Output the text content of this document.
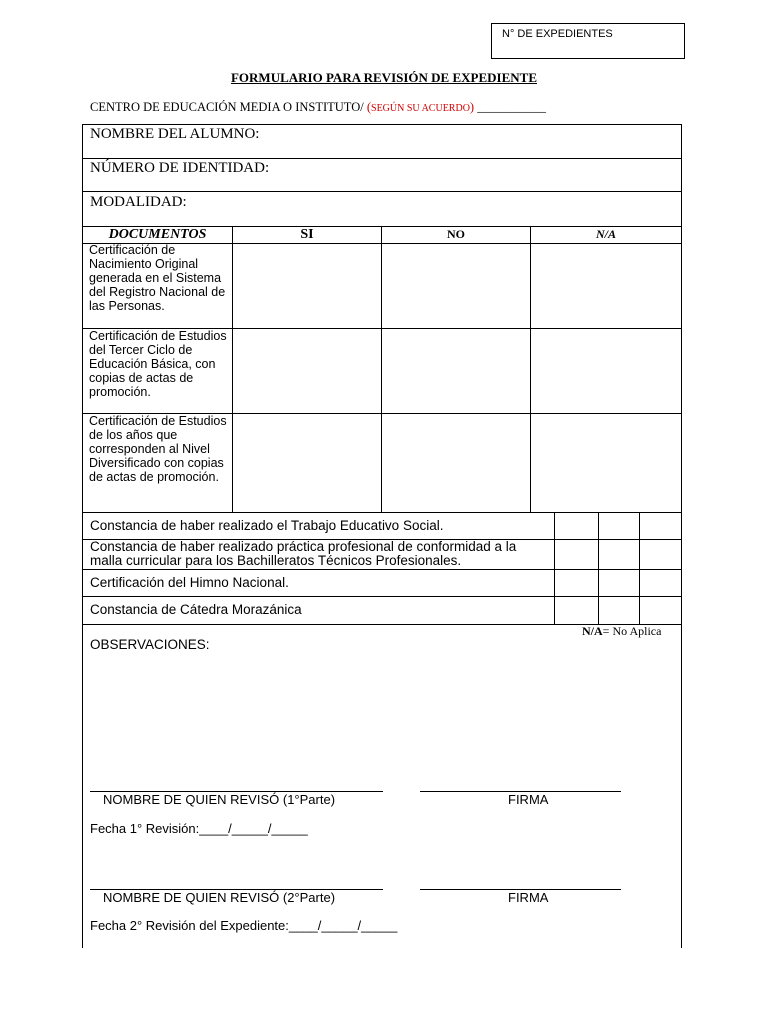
N° DE EXPEDIENTES
FORMULARIO PARA REVISIÓN DE EXPEDIENTE
CENTRO DE EDUCACIÓN MEDIA O INSTITUTO/ (SEGÚN SU ACUERDO) ___________
NOMBRE DEL ALUMNO:
NÚMERO DE IDENTIDAD:
MODALIDAD:
DOCUMENTOS	SI	NO	N/A
Certificación de Nacimiento Original generada en el Sistema del Registro Nacional de las Personas.
Certificación de Estudios del Tercer Ciclo de Educación Básica, con copias de actas de promoción.
Certificación de Estudios de los años que corresponden al Nivel Diversificado con copias de actas de promoción.
Constancia de haber realizado el Trabajo Educativo Social.
Constancia de haber realizado práctica profesional de conformidad a la malla curricular para los Bachilleratos Técnicos Profesionales.
Certificación del Himno Nacional.
Constancia de Cátedra Morazánica
N/A= No Aplica
OBSERVACIONES:
NOMBRE DE QUIEN REVISÓ (1°Parte)	FIRMA
Fecha 1° Revisión:____/_____/_____
NOMBRE DE QUIEN REVISÓ (2°Parte)	FIRMA
Fecha 2° Revisión del Expediente:____/_____/_____
